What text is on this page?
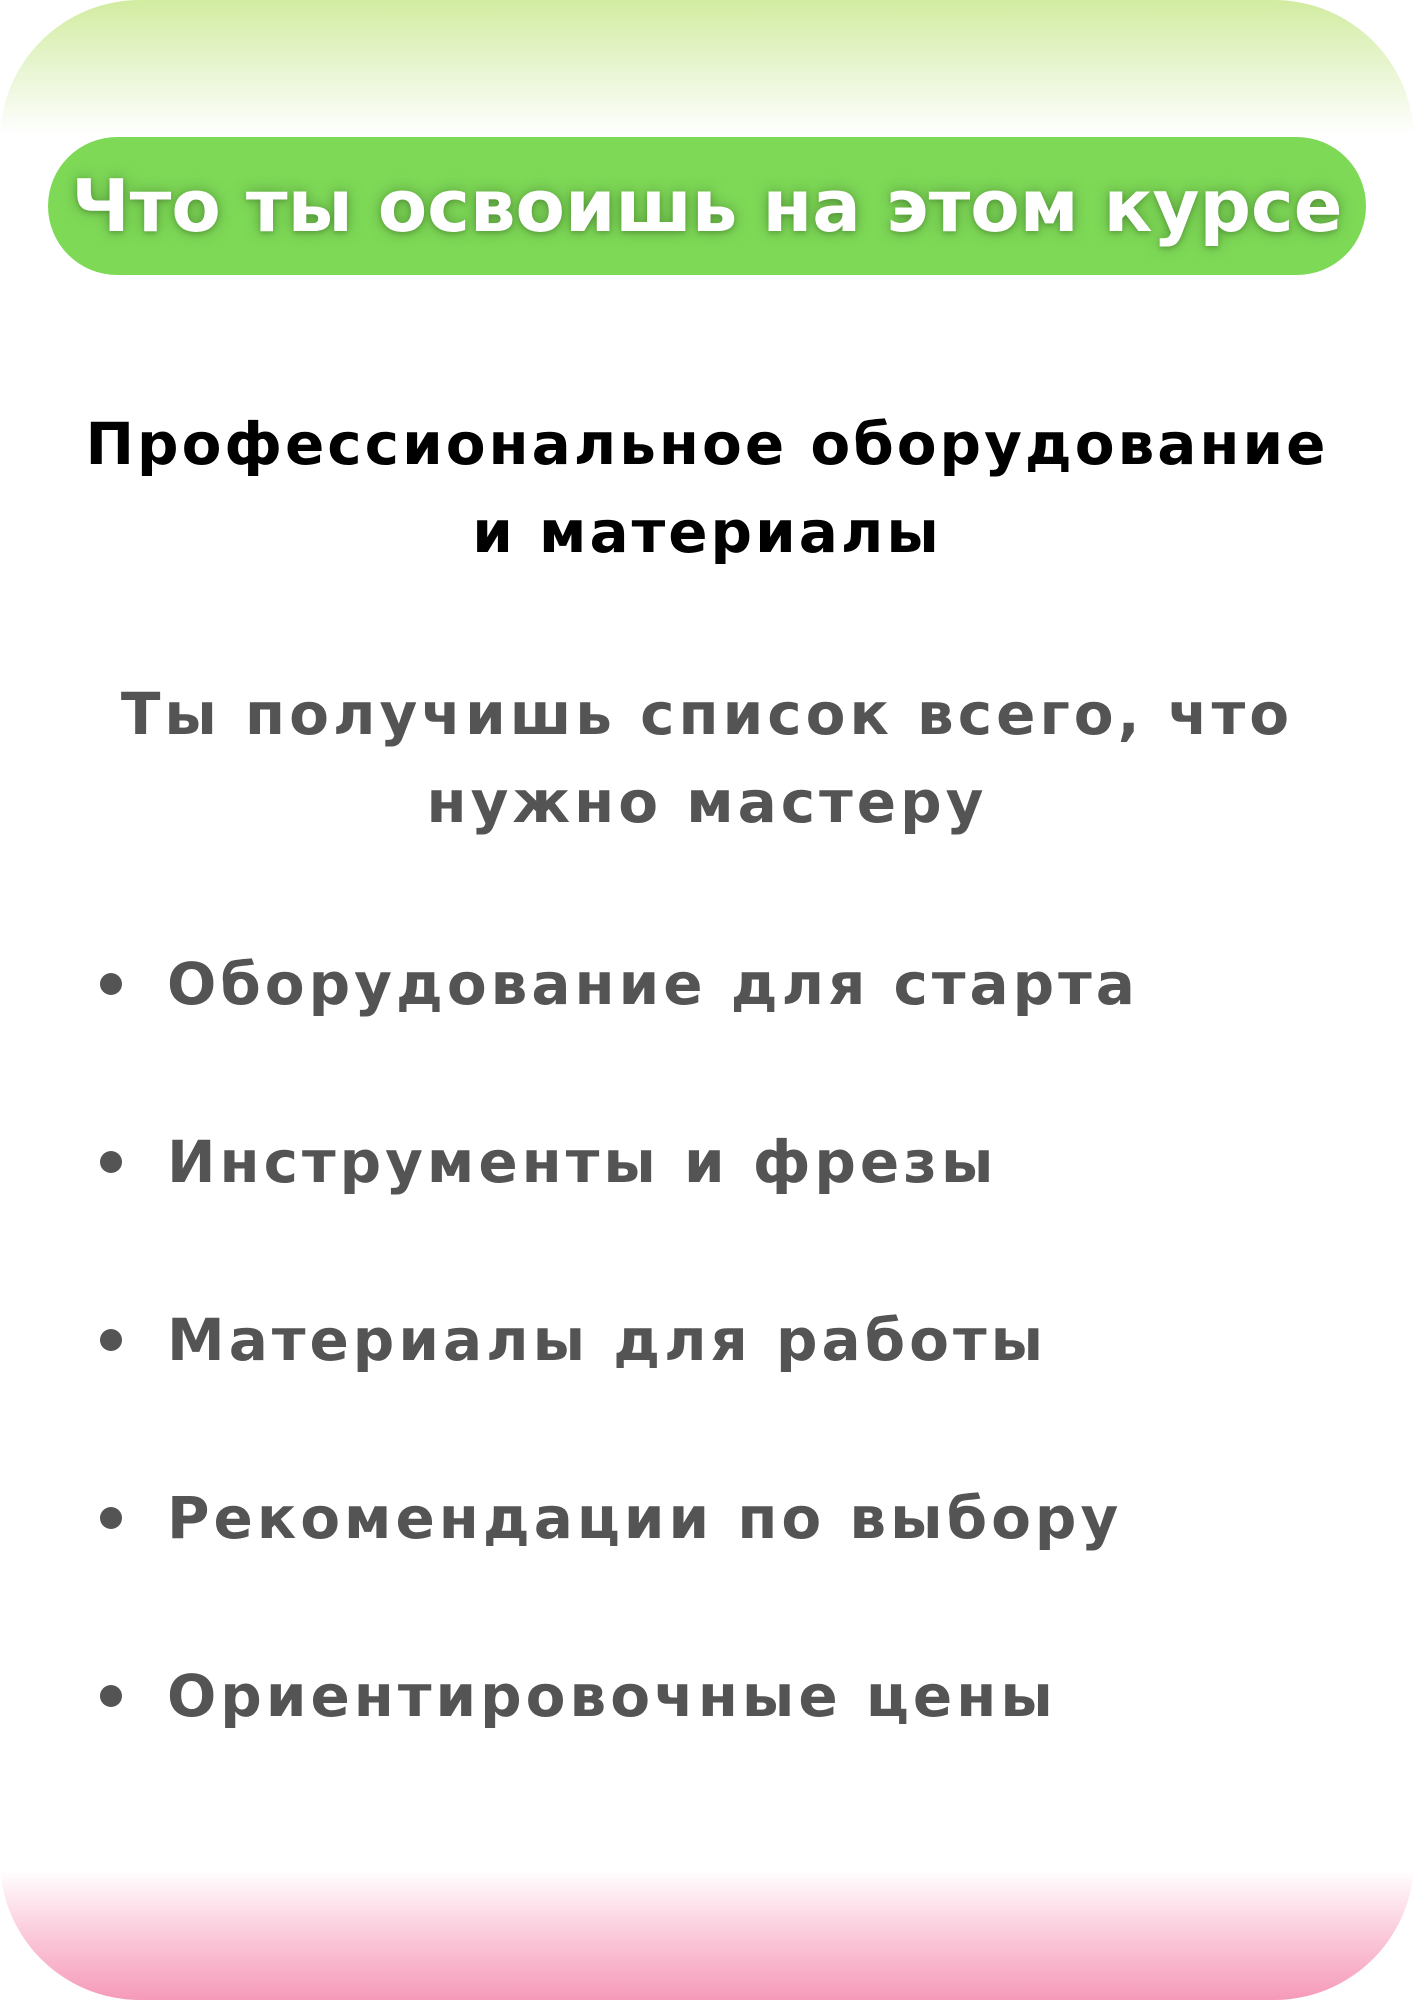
Что ты освоишь на этом курсе
Профессиональное оборудование
и материалы
Ты получишь список всего, что
нужно мастеру
Оборудование для старта
Инструменты и фрезы
Материалы для работы
Рекомендации по выбору
Ориентировочные цены
